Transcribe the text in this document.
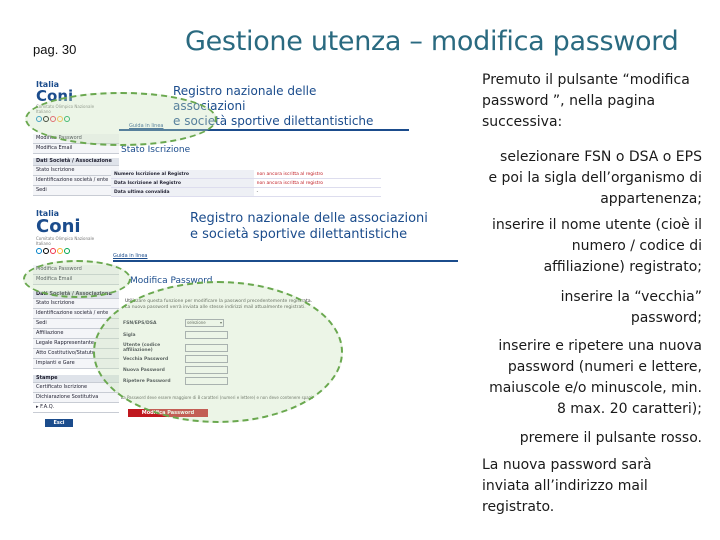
pag. 30	Gestione utenza – modifica password
Italia
Coni
Comitato Olimpico Nazionale Italiano
Registro nazionale delle associazioni
e società sportive dilettantistiche
Guida in linea
Modifica Password
Modifica Email
Dati Società / Associazione
Stato Iscrizione
Identificazione società / ente
Sedi
Stato Iscrizione
Numero Iscrizione al Registro	non ancora iscritta al registro
Data Iscrizione al Registro	non ancora iscritta al registro
Data ultima convalida	-
Italia
Coni
Comitato Olimpico Nazionale Italiano
Registro nazionale delle associazioni
e società sportive dilettantistiche
Guida in linea
Modifica Password
Modifica Email
Dati Società / Associazione
Stato Iscrizione
Identificazione società / ente
Sedi
Affiliazione
Legale Rappresentante
Atto Costitutivo/Statuto
Impianti e Gare
Stampe
Certificato Iscrizione
Dichiarazione Sostitutiva
▸ F.A.Q.
Esci
Modifica Password
Utilizzare questa funzione per modificare la password precedentemente registrata.
La nuova password verrà inviata alle stesse indirizzi mail attualmente registrati.
FSN/EPS/DSA	selezione	▾
Sigla
Utente (codice affiliazione)
Vecchia Password
Nuova Password
Ripetere Password
La Password deve essere maggiore di 8 caratteri (numeri e lettere) e non deve contenere spazi.
Modifica Password

Premuto il pulsante “modifica password ”, nella pagina successiva:

selezionare FSN o DSA o EPS e poi la sigla dell’organismo di appartenenza;

inserire il nome utente (cioè il numero / codice di affiliazione) registrato;

inserire la “vecchia” password;

inserire e ripetere una nuova password (numeri e lettere, maiuscole e/o minuscole, min. 8 max. 20 caratteri);

premere il pulsante rosso.

La nuova password sarà inviata all’indirizzo mail registrato.
